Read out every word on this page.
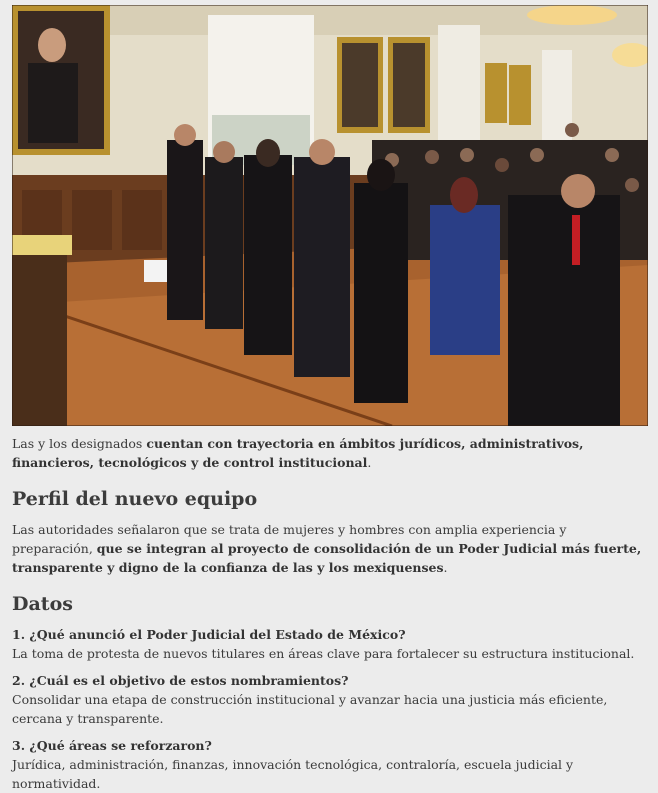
Las y los designados cuentan con trayectoria en ámbitos jurídicos, administrativos, financieros, tecnológicos y de control institucional.
Perfil del nuevo equipo

Las autoridades señalaron que se trata de mujeres y hombres con amplia experiencia y preparación, que se integran al proyecto de consolidación de un Poder Judicial más fuerte, transparente y digno de la confianza de las y los mexiquenses.

Datos
1. ¿Qué anunció el Poder Judicial del Estado de México?
La toma de protesta de nuevos titulares en áreas clave para fortalecer su estructura institucional.
2. ¿Cuál es el objetivo de estos nombramientos?
Consolidar una etapa de construcción institucional y avanzar hacia una justicia más eficiente, cercana y transparente.
3. ¿Qué áreas se reforzaron?
Jurídica, administración, finanzas, innovación tecnológica, contraloría, escuela judicial y normatividad.
